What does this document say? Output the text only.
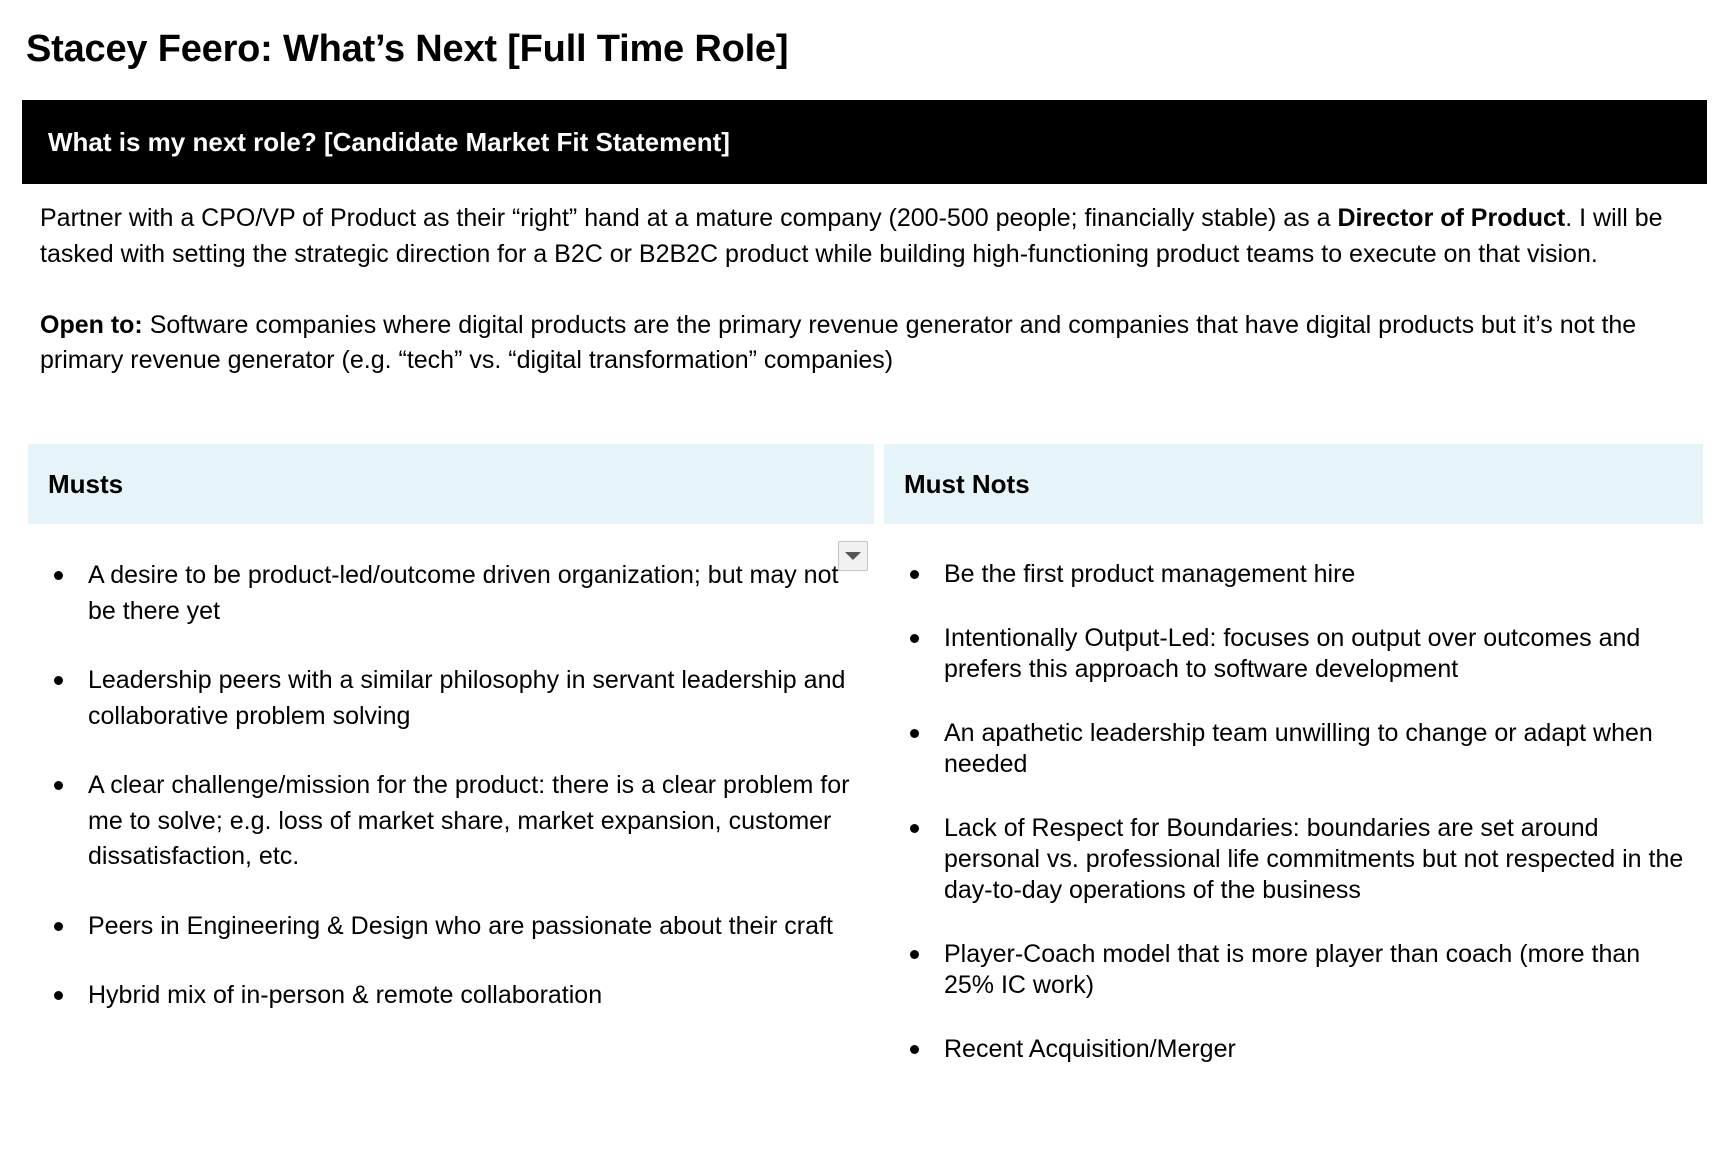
Stacey Feero: What’s Next [Full Time Role]
What is my next role? [Candidate Market Fit Statement]

Partner with a CPO/VP of Product as their “right” hand at a mature company (200-500 people; financially stable) as a Director of Product. I will be tasked with setting the strategic direction for a B2C or B2B2C product while building high-functioning product teams to execute on that vision.

Open to: Software companies where digital products are the primary revenue generator and companies that have digital products but it’s not the primary revenue generator (e.g. “tech” vs. “digital transformation” companies)

Musts	Must Nots
A desire to be product-led/outcome driven organization; but may not be there yet
Leadership peers with a similar philosophy in servant leadership and collaborative problem solving
A clear challenge/mission for the product: there is a clear problem for me to solve; e.g. loss of market share, market expansion, customer dissatisfaction, etc.
Peers in Engineering & Design who are passionate about their craft
Hybrid mix of in-person & remote collaboration
Be the first product management hire
Intentionally Output-Led: focuses on output over outcomes and prefers this approach to software development
An apathetic leadership team unwilling to change or adapt when needed
Lack of Respect for Boundaries: boundaries are set around personal vs. professional life commitments but not respected in the day-to-day operations of the business
Player-Coach model that is more player than coach (more than 25% IC work)
Recent Acquisition/Merger
